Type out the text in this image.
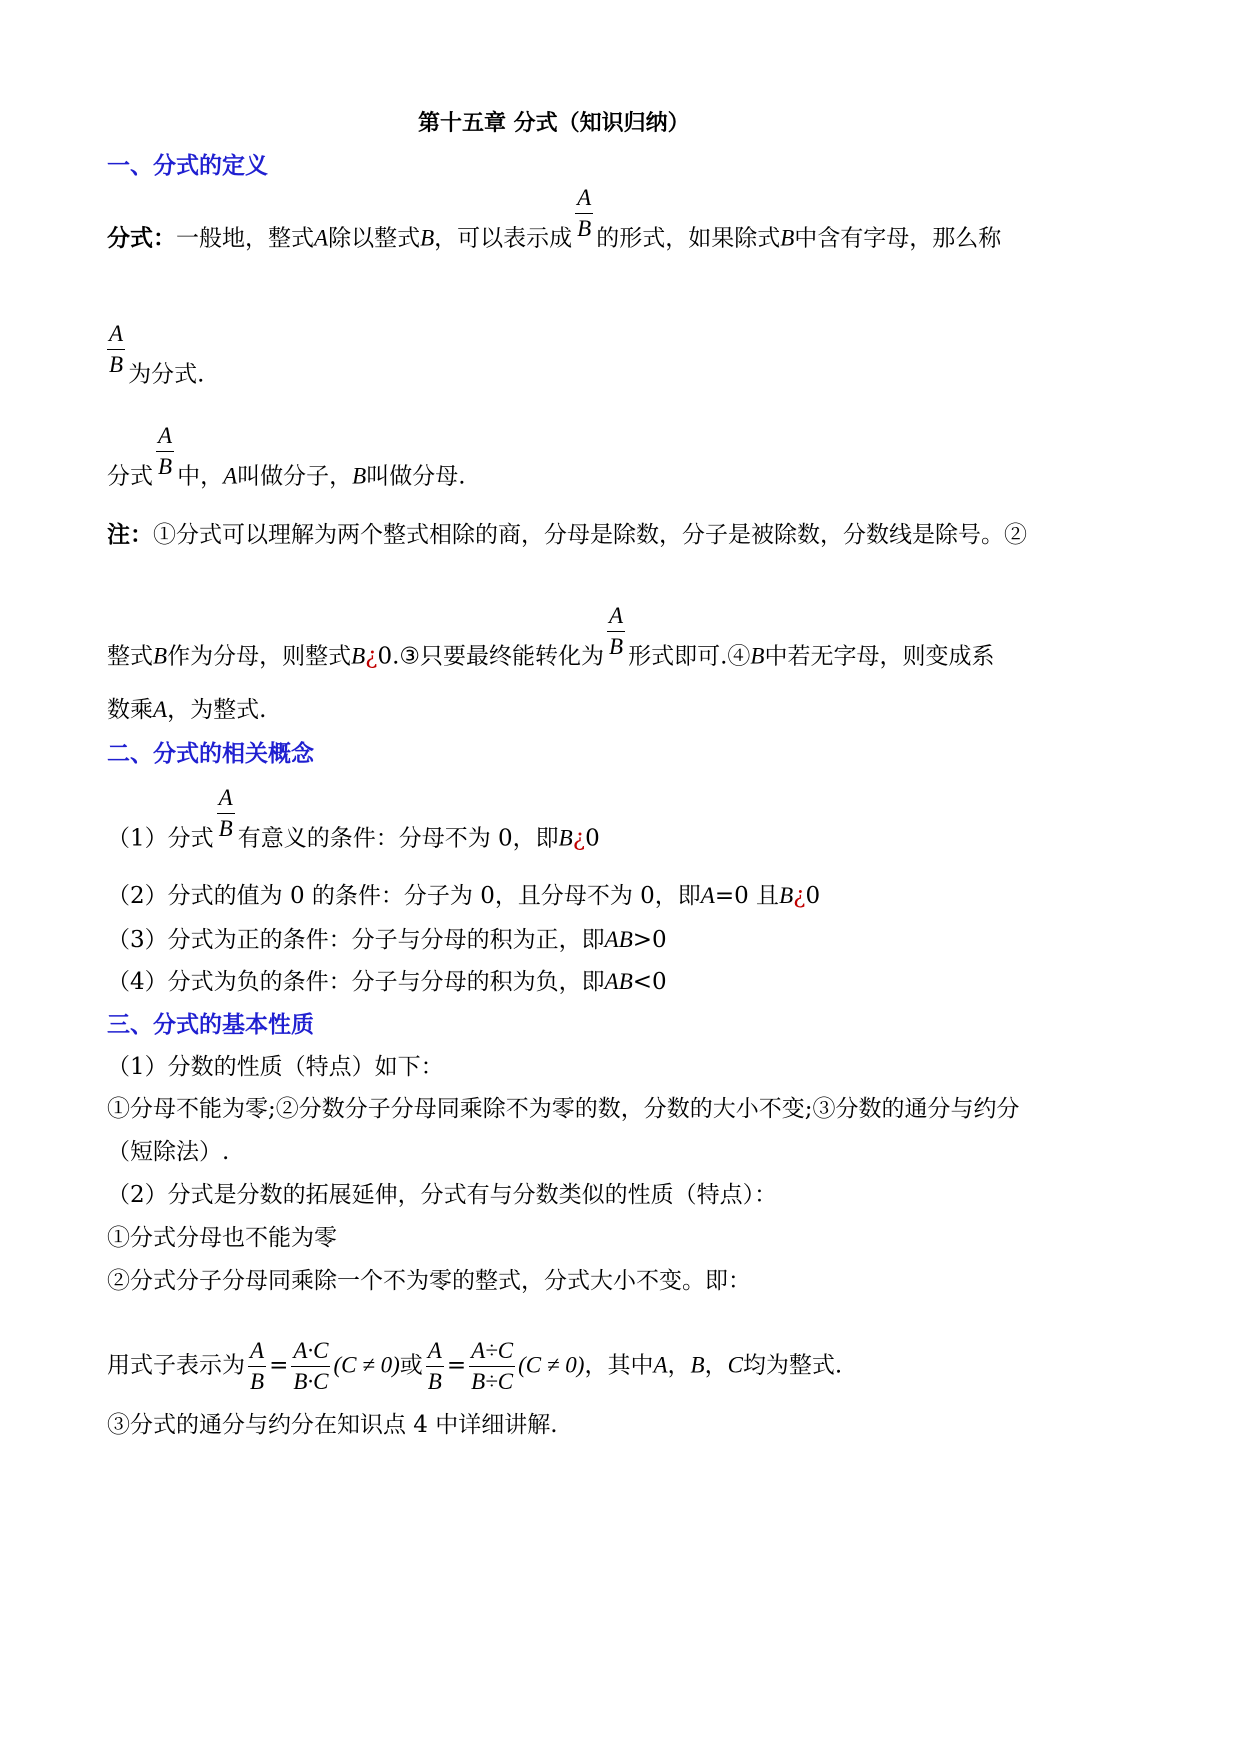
第十五章 分式（知识归纳）
一、分式的定义
分式：一般地，整式A除以整式B，可以表示成 $\frac{A}{B}$ 的形式，如果除式B中含有字母，那么称
$\frac{A}{B}$ 为分式.
分式 $\frac{A}{B}$ 中，A叫做分子，B叫做分母.
注：①分式可以理解为两个整式相除的商，分母是除数，分子是被除数，分数线是除号。②
整式B作为分母，则整式B¿0.③只要最终能转化为 $\frac{A}{B}$ 形式即可.④B中若无字母，则变成系
数乘A，为整式.
二、分式的相关概念
（1）分式 $\frac{A}{B}$ 有意义的条件：分母不为 0，即B¿0
（2）分式的值为 0 的条件：分子为 0，且分母不为 0，即A=0 且B¿0
（3）分式为正的条件：分子与分母的积为正，即AB>0
（4）分式为负的条件：分子与分母的积为负，即AB<0
三、分式的基本性质
（1）分数的性质（特点）如下：
①分母不能为零;②分数分子分母同乘除不为零的数，分数的大小不变;③分数的通分与约分
（短除法）.
（2）分式是分数的拓展延伸，分式有与分数类似的性质（特点）：
①分式分母也不能为零
②分式分子分母同乘除一个不为零的整式，分式大小不变。即：
用式子表示为 $\frac{A}{B} = \frac{A\cdot C}{B\cdot C} (C \ne 0)$或 $\frac{A}{B} = \frac{A\div C}{B\div C} (C \ne 0)$，其中A，B，C均为整式.
③分式的通分与约分在知识点 4 中详细讲解.
